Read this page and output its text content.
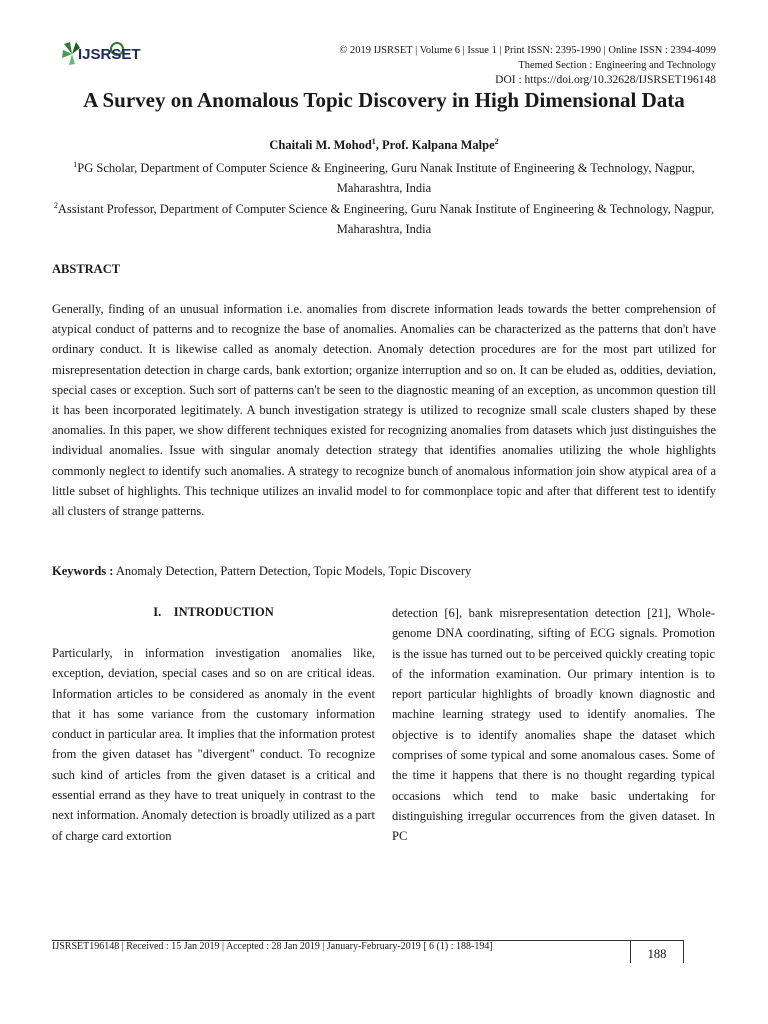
IJSRSET	© 2019 IJSRSET | Volume 6 | Issue 1 | Print ISSN: 2395-1990 | Online ISSN : 2394-4099
Themed Section : Engineering and Technology
DOI : https://doi.org/10.32628/IJSRSET196148
A Survey on Anomalous Topic Discovery in High Dimensional Data
Chaitali M. Mohod$^1$, Prof. Kalpana Malpe$^2$
$^1$PG Scholar, Department of Computer Science & Engineering, Guru Nanak Institute of Engineering & Technology, Nagpur, Maharashtra, India
$^2$Assistant Professor, Department of Computer Science & Engineering, Guru Nanak Institute of Engineering & Technology, Nagpur, Maharashtra, India
ABSTRACT

Generally, finding of an unusual information i.e. anomalies from discrete information leads towards the better comprehension of atypical conduct of patterns and to recognize the base of anomalies. Anomalies can be characterized as the patterns that don't have ordinary conduct. It is likewise called as anomaly detection. Anomaly detection procedures are for the most part utilized for misrepresentation detection in charge cards, bank extortion; organize interruption and so on. It can be eluded as, oddities, deviation, special cases or exception. Such sort of patterns can't be seen to the diagnostic meaning of an exception, as uncommon question till it has been incorporated legitimately. A bunch investigation strategy is utilized to recognize small scale clusters shaped by these anomalies. In this paper, we show different techniques existed for recognizing anomalies from datasets which just distinguishes the individual anomalies. Issue with singular anomaly detection strategy that identifies anomalies utilizing the whole highlights commonly neglect to identify such anomalies. A strategy to recognize bunch of anomalous information join show atypical area of a little subset of highlights. This technique utilizes an invalid model to for commonplace topic and after that different test to identify all clusters of strange patterns.

Keywords : Anomaly Detection, Pattern Detection, Topic Models, Topic Discovery
I.    INTRODUCTION

Particularly, in information investigation anomalies like, exception, deviation, special cases and so on are critical ideas. Information articles to be considered as anomaly in the event that it has some variance from the customary information conduct in particular area. It implies that the information protest from the given dataset has "divergent" conduct. To recognize such kind of articles from the given dataset is a critical and essential errand as they have to treat uniquely in contrast to the next information. Anomaly detection is broadly utilized as a part of charge card extortion

detection [6], bank misrepresentation detection [21], Whole-genome DNA coordinating, sifting of ECG signals. Promotion is the issue has turned out to be perceived quickly creating topic of the information examination. Our primary intention is to report particular highlights of broadly known diagnostic and machine learning strategy used to identify anomalies. The objective is to identify anomalies shape the dataset which comprises of some typical and some anomalous cases. Some of the time it happens that there is no thought regarding typical occasions which tend to make basic undertaking for distinguishing irregular occurrences from the given dataset. In PC

IJSRSET196148 | Received : 15 Jan 2019 | Accepted : 28 Jan 2019 | January-February-2019 [ 6 (1) : 188-194]
188
